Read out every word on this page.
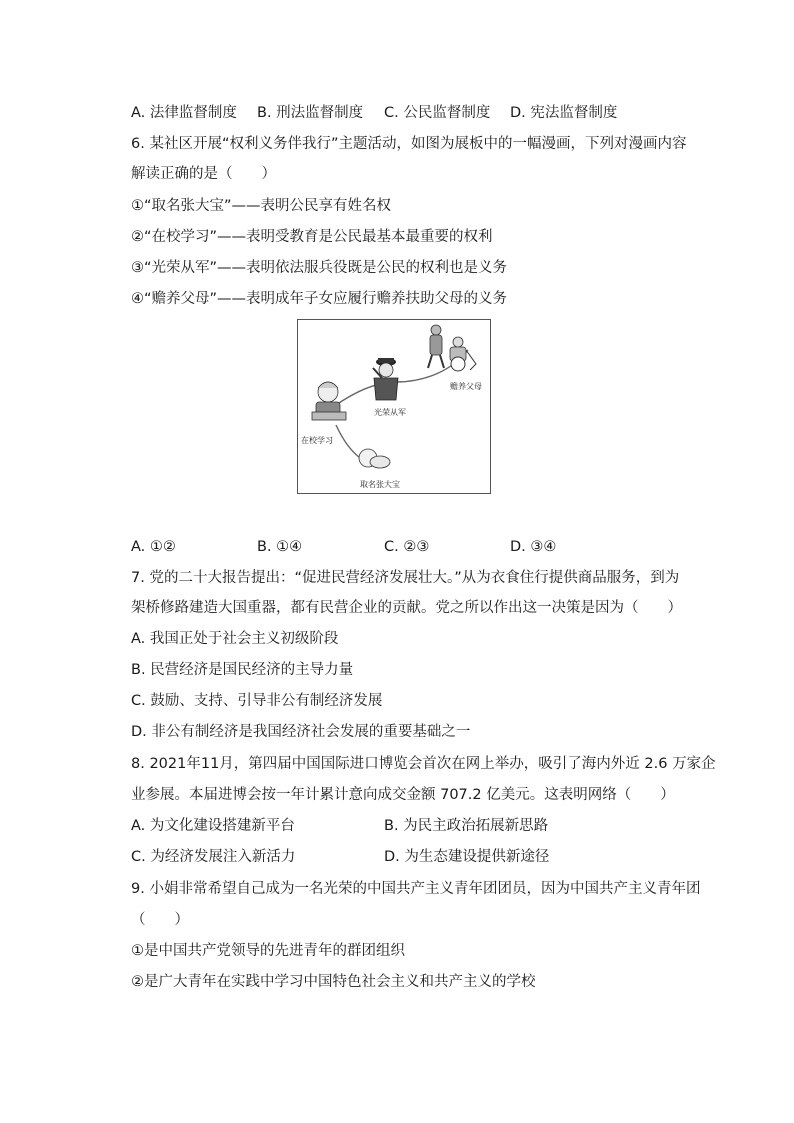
A. 法律监督制度 B. 刑法监督制度 C. 公民监督制度 D. 宪法监督制度
6. 某社区开展“权利义务伴我行”主题活动，如图为展板中的一幅漫画，下列对漫画内容
解读正确的是（　　）
①“取名张大宝”——表明公民享有姓名权
②“在校学习”——表明受教育是公民最基本最重要的权利
③“光荣从军”——表明依法服兵役既是公民的权利也是义务
④“赡养父母”——表明成年子女应履行赡养扶助父母的义务
赡养父母
光荣从军
在校学习
取名张大宝
A. ①②	B. ①④	C. ②③	D. ③④
7. 党的二十大报告提出：“促进民营经济发展壮大。”从为衣食住行提供商品服务，到为
架桥修路建造大国重器，都有民营企业的贡献。党之所以作出这一决策是因为（　　）
A. 我国正处于社会主义初级阶段
B. 民营经济是国民经济的主导力量
C. 鼓励、支持、引导非公有制经济发展
D. 非公有制经济是我国经济社会发展的重要基础之一
8. 2021年11月，第四届中国国际进口博览会首次在网上举办，吸引了海内外近 2.6 万家企
业参展。本届进博会按一年计累计意向成交金额 707.2 亿美元。这表明网络（　　）
A. 为文化建设搭建新平台	B. 为民主政治拓展新思路
C. 为经济发展注入新活力	D. 为生态建设提供新途径
9. 小娟非常希望自己成为一名光荣的中国共产主义青年团团员，因为中国共产主义青年团
（　　）
①是中国共产党领导的先进青年的群团组织
②是广大青年在实践中学习中国特色社会主义和共产主义的学校
